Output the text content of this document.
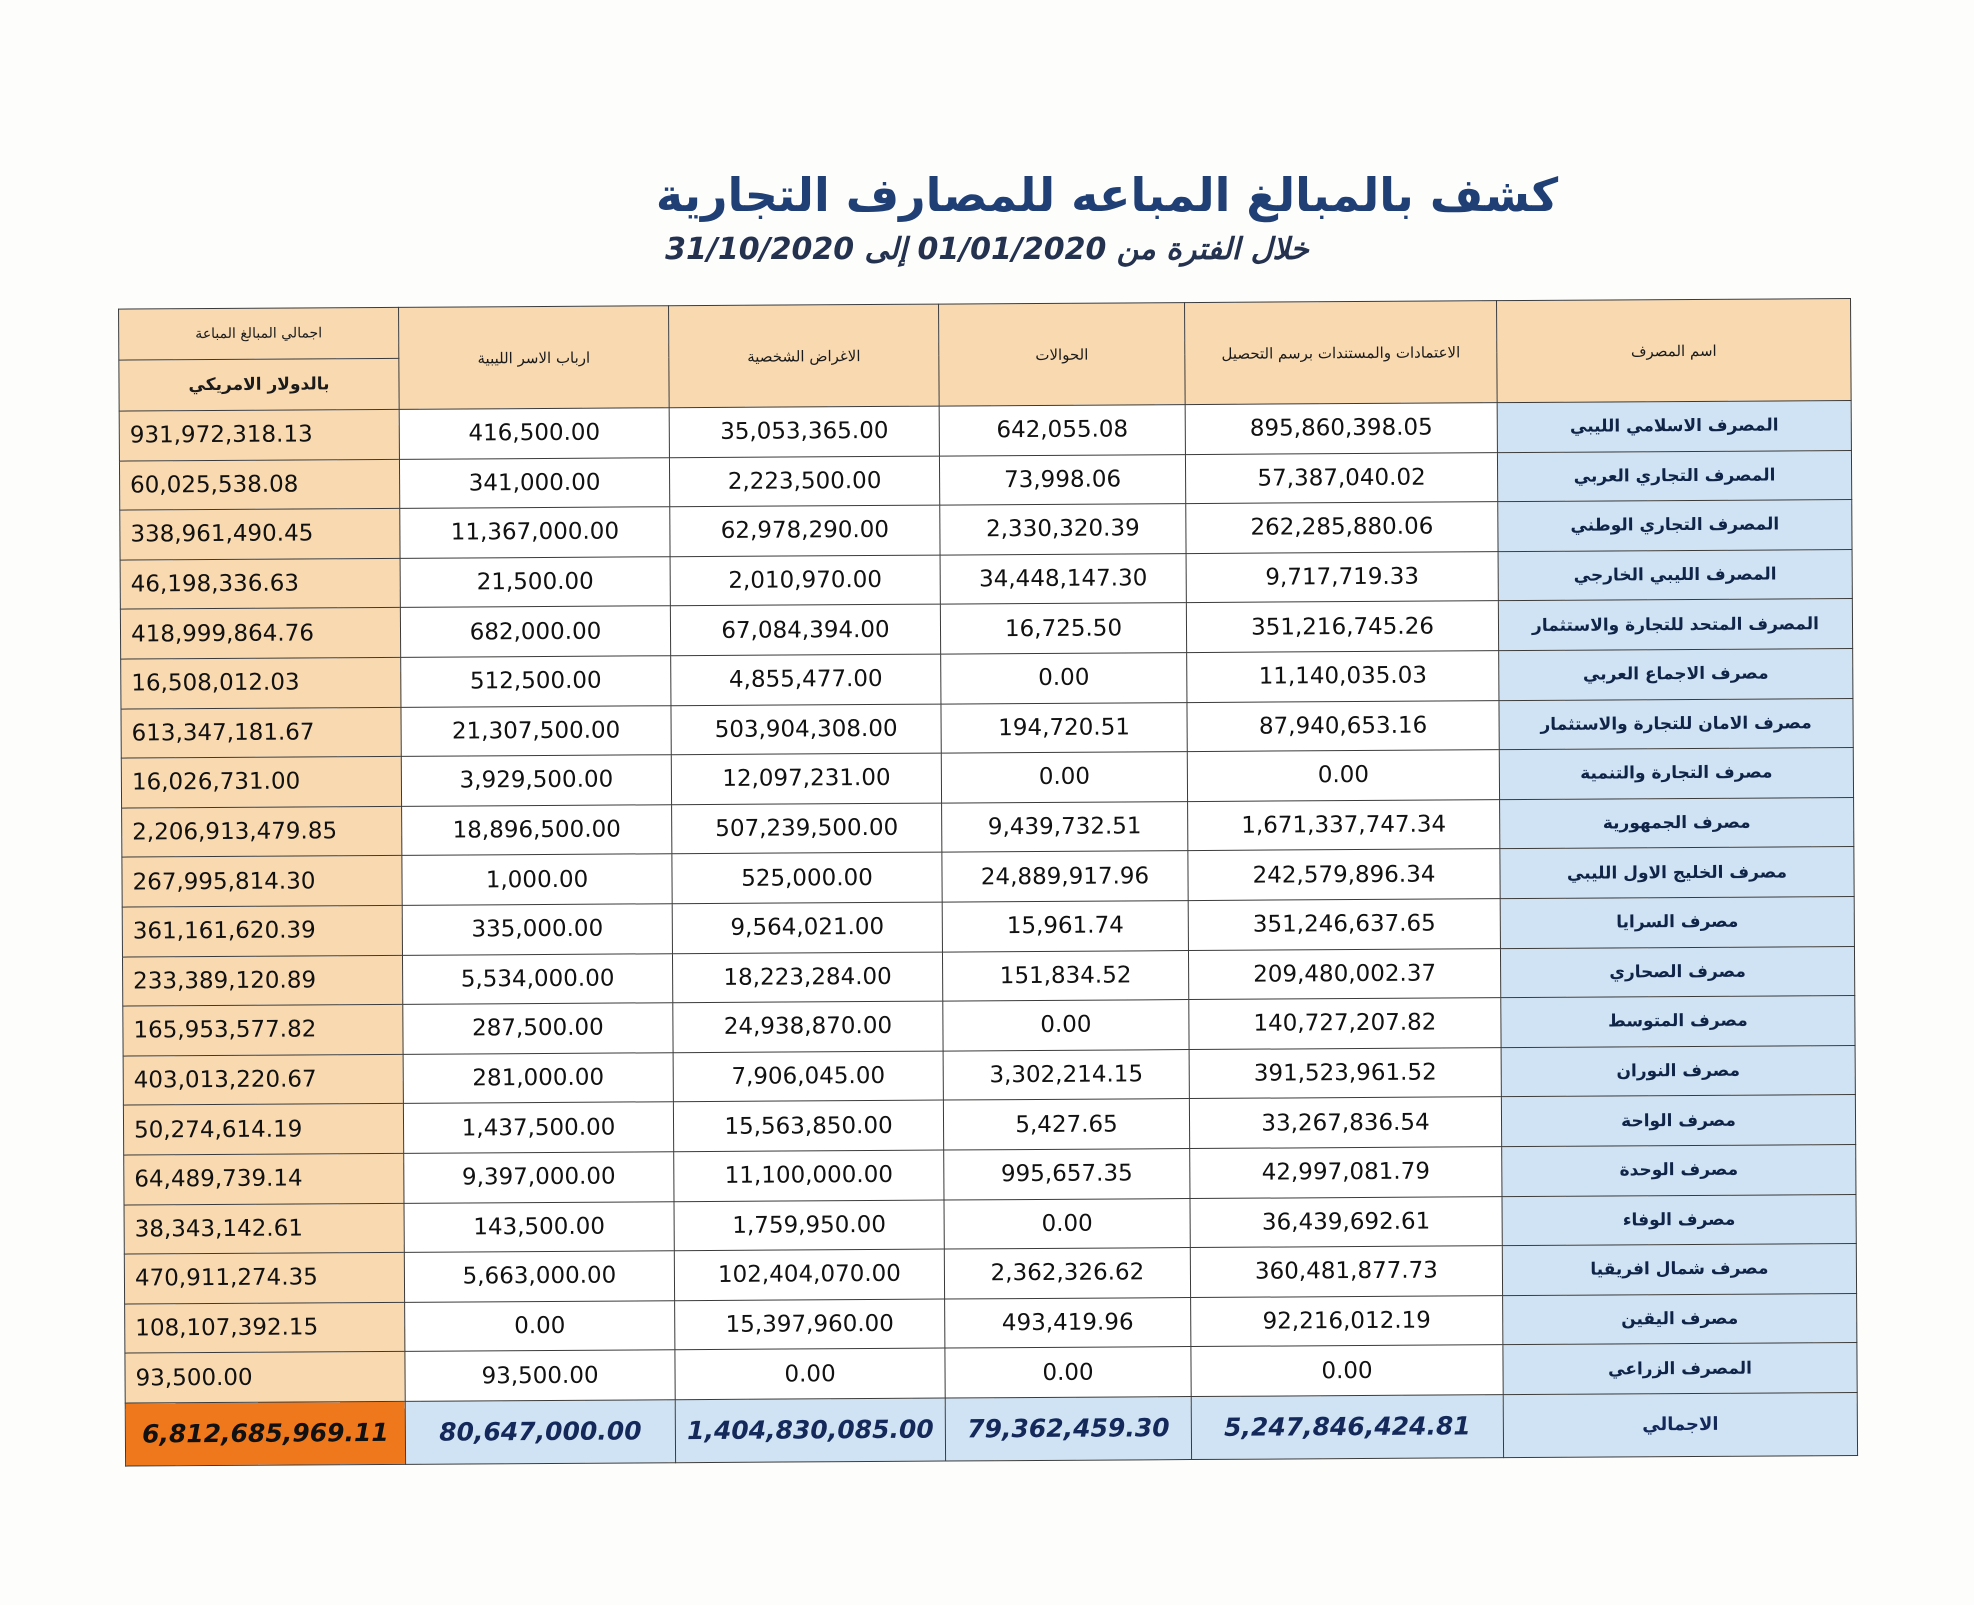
كشف بالمبالغ المباعه للمصارف التجارية
خلال الفترة من 01/01/2020 إلى 31/10/2020
اسم المصرف	الاعتمادات والمستندات برسم التحصيل	الحوالات	الاغراض الشخصية	ارباب الاسر الليبية	اجمالي المبالغ المباعة
					بالدولار الامريكي
المصرف الاسلامي الليبي	895,860,398.05	642,055.08	35,053,365.00	416,500.00	931,972,318.13
المصرف التجاري العربي	57,387,040.02	73,998.06	2,223,500.00	341,000.00	60,025,538.08
المصرف التجاري الوطني	262,285,880.06	2,330,320.39	62,978,290.00	11,367,000.00	338,961,490.45
المصرف الليبي الخارجي	9,717,719.33	34,448,147.30	2,010,970.00	21,500.00	46,198,336.63
المصرف المتحد للتجارة والاستثمار	351,216,745.26	16,725.50	67,084,394.00	682,000.00	418,999,864.76
مصرف الاجماع العربي	11,140,035.03	0.00	4,855,477.00	512,500.00	16,508,012.03
مصرف الامان للتجارة والاستثمار	87,940,653.16	194,720.51	503,904,308.00	21,307,500.00	613,347,181.67
مصرف التجارة والتنمية	0.00	0.00	12,097,231.00	3,929,500.00	16,026,731.00
مصرف الجمهورية	1,671,337,747.34	9,439,732.51	507,239,500.00	18,896,500.00	2,206,913,479.85
مصرف الخليج الاول الليبي	242,579,896.34	24,889,917.96	525,000.00	1,000.00	267,995,814.30
مصرف السرايا	351,246,637.65	15,961.74	9,564,021.00	335,000.00	361,161,620.39
مصرف الصحاري	209,480,002.37	151,834.52	18,223,284.00	5,534,000.00	233,389,120.89
مصرف المتوسط	140,727,207.82	0.00	24,938,870.00	287,500.00	165,953,577.82
مصرف النوران	391,523,961.52	3,302,214.15	7,906,045.00	281,000.00	403,013,220.67
مصرف الواحة	33,267,836.54	5,427.65	15,563,850.00	1,437,500.00	50,274,614.19
مصرف الوحدة	42,997,081.79	995,657.35	11,100,000.00	9,397,000.00	64,489,739.14
مصرف الوفاء	36,439,692.61	0.00	1,759,950.00	143,500.00	38,343,142.61
مصرف شمال افريقيا	360,481,877.73	2,362,326.62	102,404,070.00	5,663,000.00	470,911,274.35
مصرف اليقين	92,216,012.19	493,419.96	15,397,960.00	0.00	108,107,392.15
المصرف الزراعي	0.00	0.00	0.00	93,500.00	93,500.00
الاجمالي	5,247,846,424.81	79,362,459.30	1,404,830,085.00	80,647,000.00	6,812,685,969.11
